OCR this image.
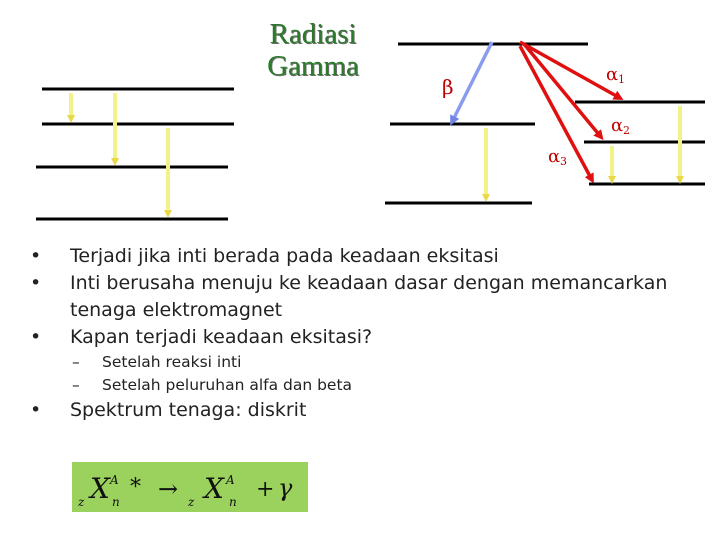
Radiasi
Gamma
β
α 1
α 2
α 3
• Terjadi jika inti berada pada keadaan eksitasi
• Inti berusaha menuju ke keadaan dasar dengan memancarkan tenaga elektromagnet
• Kapan terjadi keadaan eksitasi?
– Setelah reaksi inti
– Setelah peluruhan alfa dan beta
• Spektrum tenaga: diskrit
z X A
n
* → z X A
n + γ
